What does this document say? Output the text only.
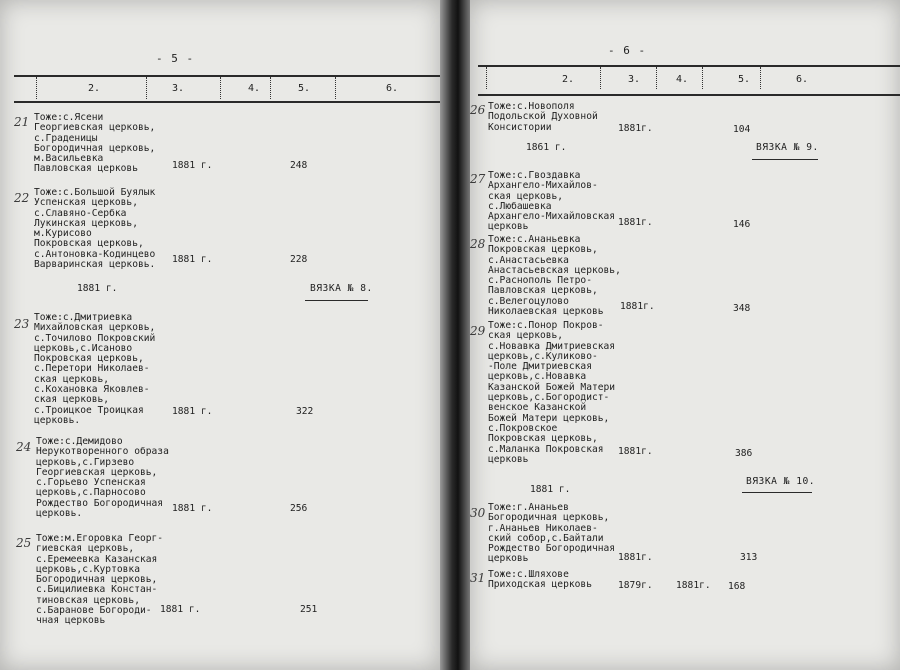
- 5 -
2.	3.	4.	5.	6.
21 Тоже:с.Ясени
Георгиевская церковь,
с.Граденицы
Богородичная церковь,
м.Васильевка
Павловская церковь	1881 г.	248
22 Тоже:с.Большой Буялык
Успенская церковь,
с.Славяно-Сербка
Лукинская церковь,
м.Курисово
Покровская церковь,
с.Антоновка-Кодинцево
Варваринская церковь. 1881 г.	228
1881 г.	ВЯЗКА № 8.
23 Тоже:с.Дмитриевка
Михайловская церковь,
с.Точилово Покровский
церковь,с.Исаново
Покровская церковь,
с.Перетори Николаев-
ская церковь,
с.Кохановка Яковлев-
ская церковь,
с.Троицкое Троицкая
церковь.
1881 г.	322
24 Тоже:с.Демидово
Нерукотворенного образа
церковь,с.Гирзево
Георгиевская церковь,
с.Горьево Успенская
церковь,с.Парносово
Рождество Богородичная
церковь.	1881 г.	256
25 Тоже:м.Егоровка Георг-
гиевская церковь,
с.Еремеевка Казанская
церковь,с.Куртовка
Богородичная церковь,
с.Бицилиевка Констан-
тиновская церковь,
с.Баранове Богороди-
чная церковь
1881 г.	251
- 6 -
2.	3.	4.	5.	6.
26 Тоже:с.Новополя
Подольской Духовной
Консистории	1881г.	104
1861 г.	ВЯЗКА № 9.
27 Тоже:с.Гвоздавка
Архангело-Михайлов-
ская церковь,
с.Любашевка
Архангело-Михайловская
церковь	1881г.	146
28 Тоже:с.Ананьевка
Покровская церковь,
с.Анастасьевка
Анастасьевская церковь,
с.Раснополь Петро-
Павловская церковь,
с.Велегоцулово
Николаевская церковь	1881г.	348
29 Тоже:с.Понор Покров-
ская церковь,
с.Новавка Дмитриевская
церковь,с.Куликово-
-Поле Дмитриевская
церковь,с.Новавка
Казанской Божей Матери
церковь,с.Богородист-
венское Казанской
Божей Матери церковь,
с.Покровское
Покровская церковь,
с.Маланка Покровская
церковь
1881г.	386
1881 г.
ВЯЗКА № 10.
30 Тоже:г.Ананьев
Богородичная церковь,
г.Ананьев Николаев-
ский собор,с.Байтали
Рождество Богородичная
церковь	1881г.	313
31 Тоже:с.Шляхове
Приходская церковь	1879г. 1881г. 168
